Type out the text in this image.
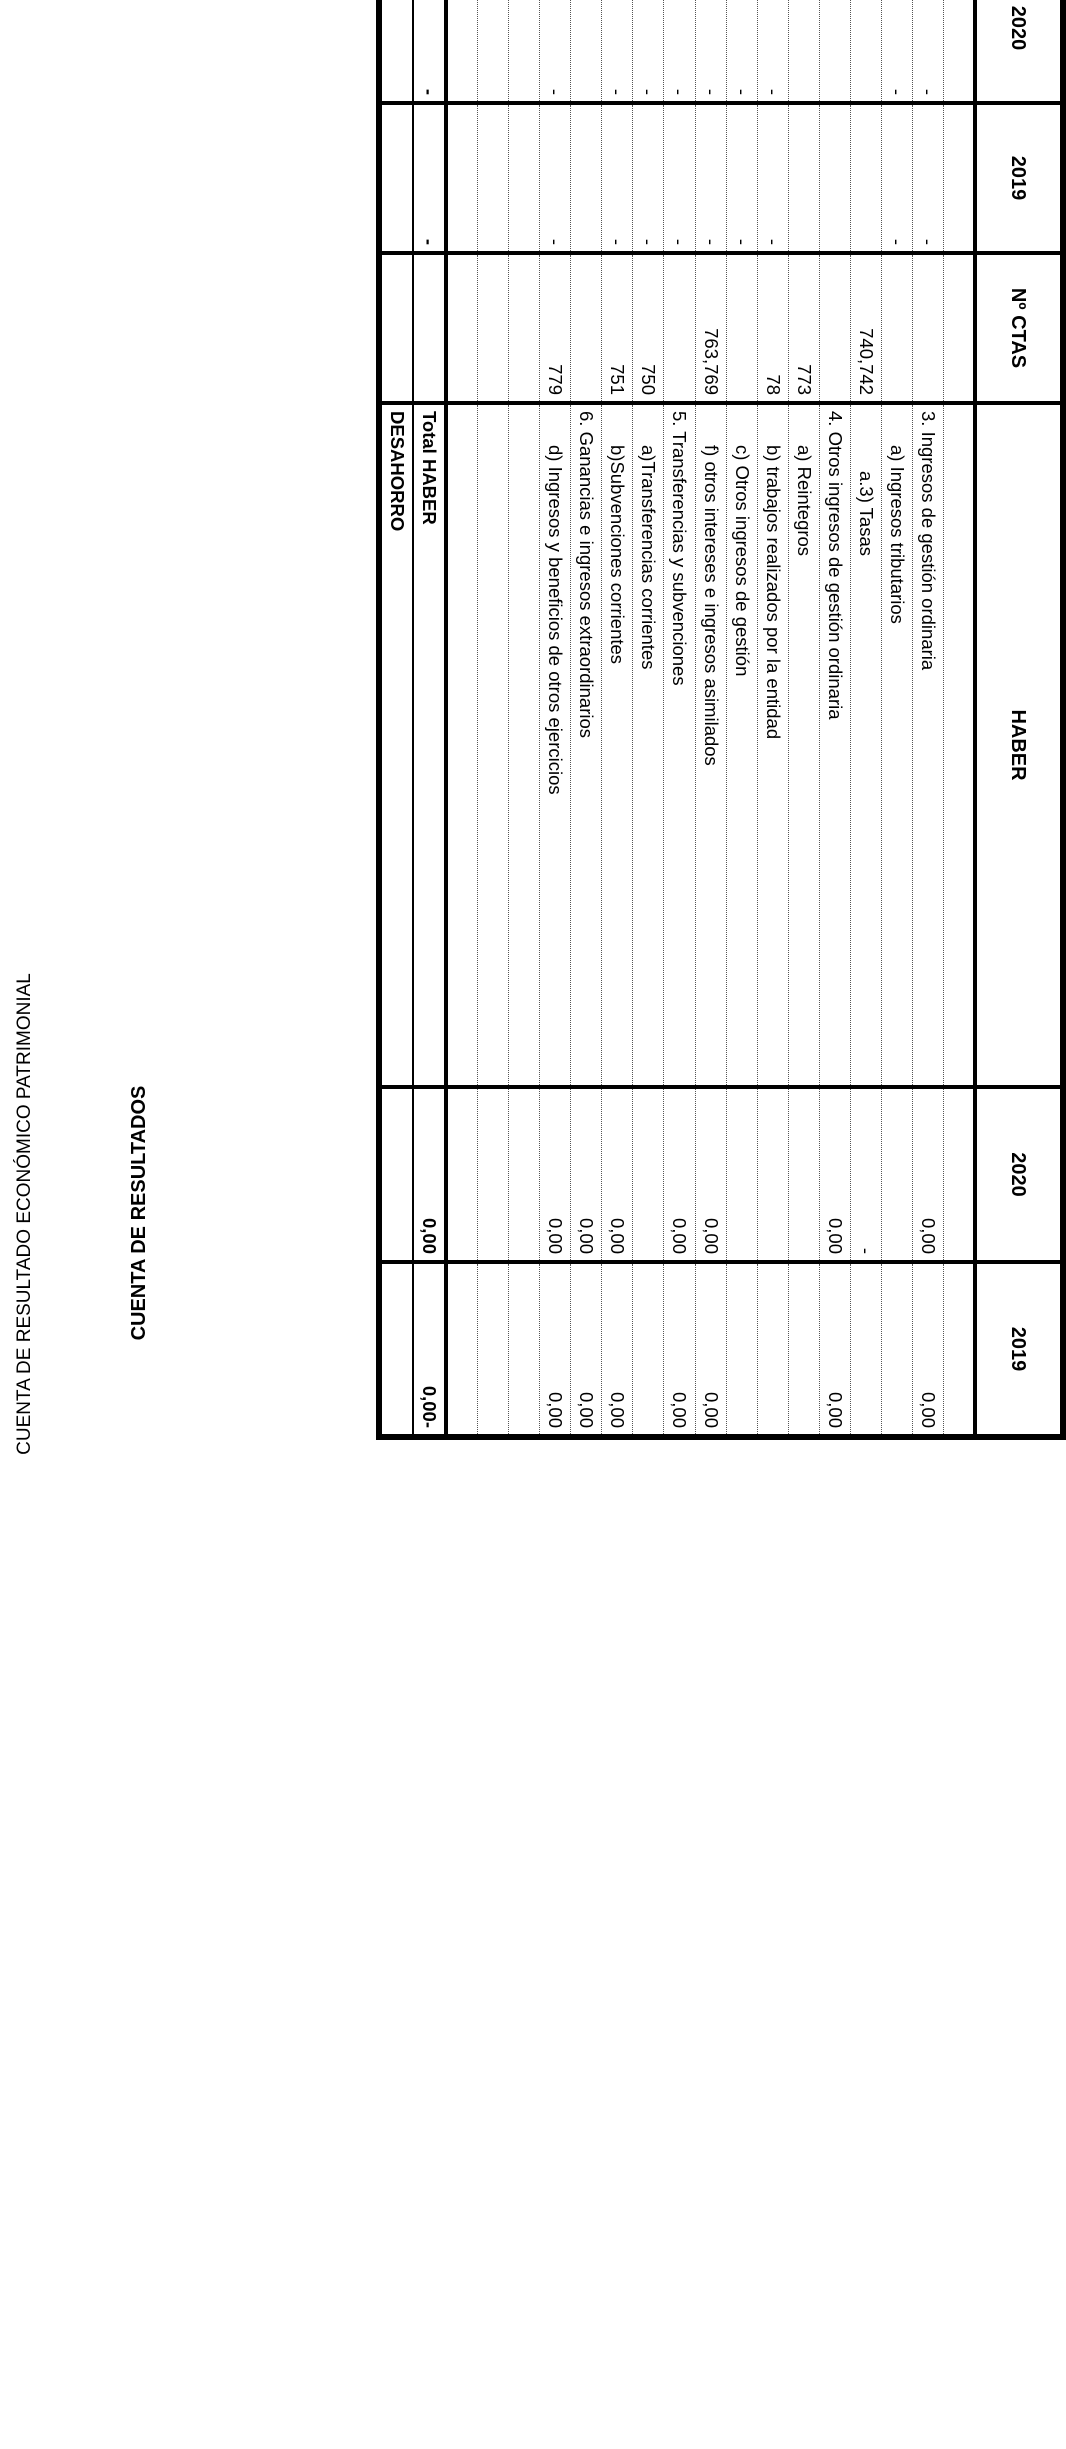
CUENTA DE RESULTADO ECONÓMICO PATRIMONIAL	CUENTA DE RESULTADOS
		2020	2019	Nº CTAS	HABER	2020	2019

		-	-		3. Ingresos de gestión ordinaria	0,00	0,00
		-	-		a) Ingresos tributarios		
				740,742	a.3) Tasas	-	
					4. Otros ingresos de gestión ordinaria	0,00	0,00
				773	a) Reintegros		
		-	-	78	b) trabajos realizados por la entidad		
		-	-		c) Otros ingresos de gestión		
		-	-	763,769	f) otros intereses e ingresos asimilados	0,00	0,00
		-	-		5. Transferencias y subvenciones	0,00	0,00
		-	-	750	a)Transferencias corrientes		
		-	-	751	b)Subvenciones corrientes	0,00	0,00
					6. Ganancias e ingresos extraordinarios	0,00	0,00
		-	-	779	d) Ingresos y beneficios de otros ejercicios	0,00	0,00

		-	-		Total HABER	0,00	0,00-
					DESAHORRO		
